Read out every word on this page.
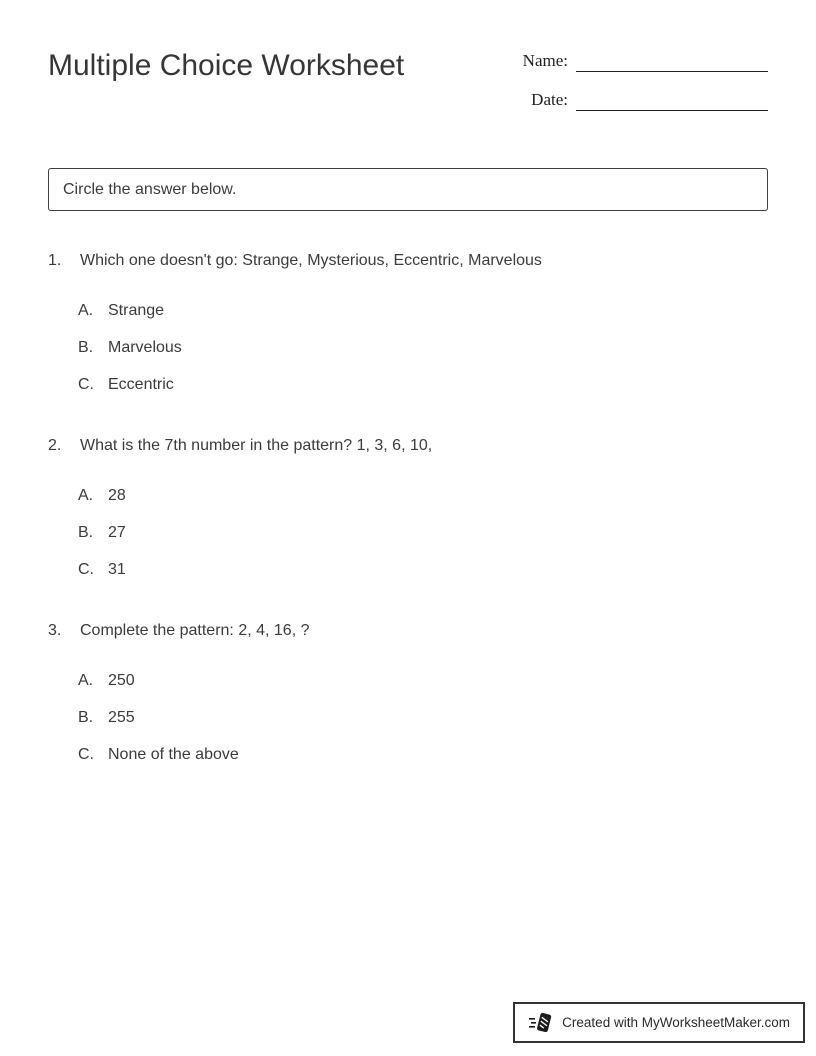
Multiple Choice Worksheet	Name:
Date:
Circle the answer below.
1.	Which one doesn't go: Strange, Mysterious, Eccentric, Marvelous
A. Strange
B. Marvelous
C. Eccentric
2.	What is the 7th number in the pattern? 1, 3, 6, 10,
A. 28
B. 27
C. 31
3.	Complete the pattern: 2, 4, 16, ?
A. 250
B. 255
C. None of the above
Created with MyWorksheetMaker.com
